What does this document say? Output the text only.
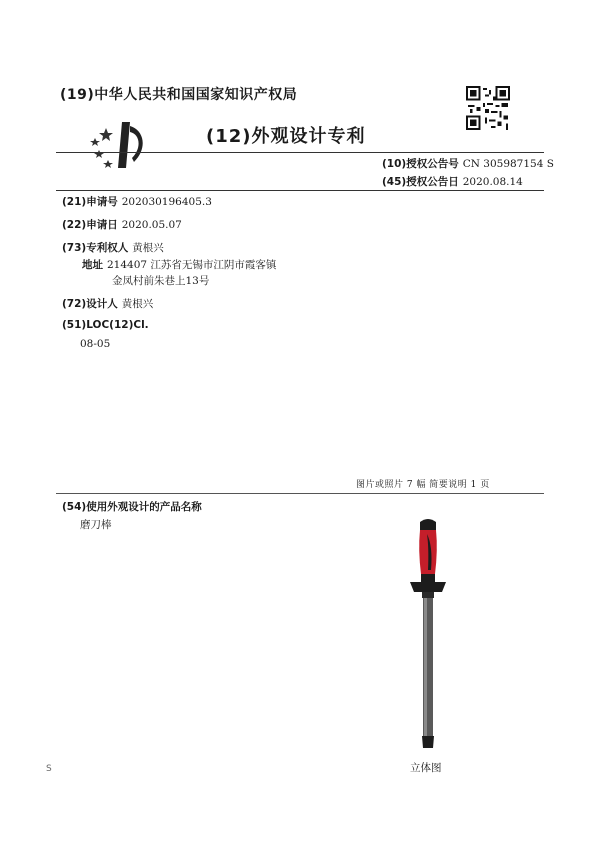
(19)中华人民共和国国家知识产权局
(12)外观设计专利
(10)授权公告号 CN 305987154 S
(45)授权公告日 2020.08.14
(21)申请号 202030196405.3
(22)申请日 2020.05.07
(73)专利权人 黄根兴
地址 214407 江苏省无锡市江阴市霞客镇
金凤村前朱巷上13号
(72)设计人 黄根兴
(51)LOC(12)Cl.
08-05
图片或照片 7 幅 简要说明 1 页
(54)使用外观设计的产品名称
磨刀棒
立体图
S
